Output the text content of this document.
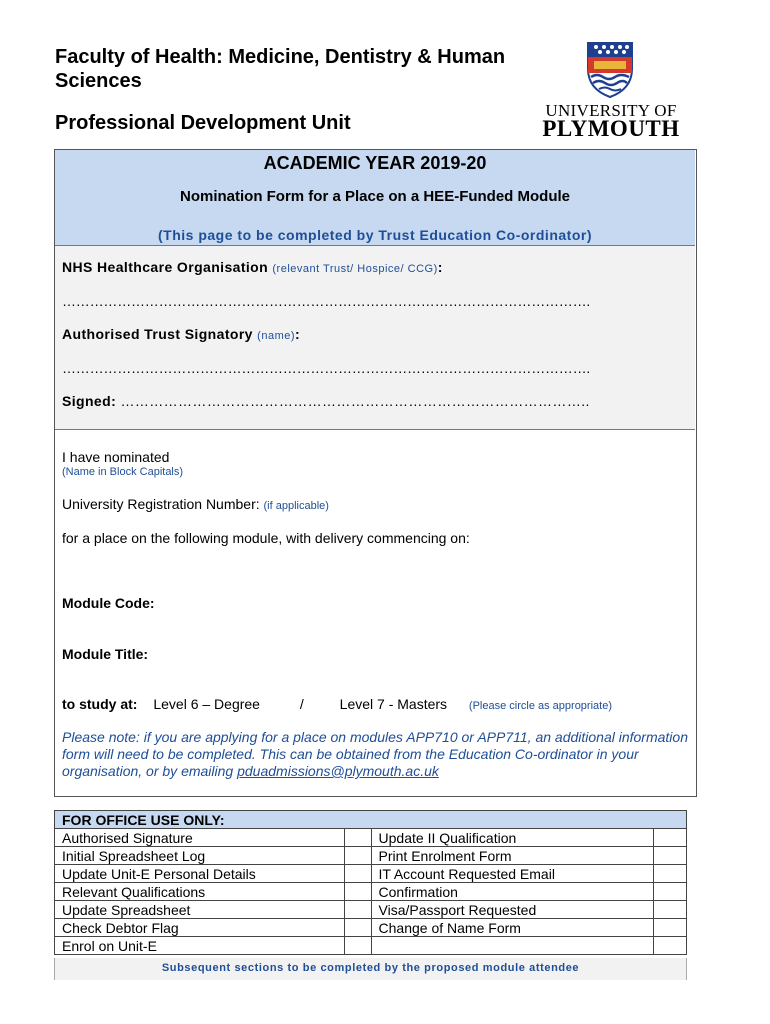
Faculty of Health: Medicine, Dentistry & Human Sciences
Professional Development Unit
UNIVERSITY OF
PLYMOUTH
ACADEMIC YEAR 2019-20
Nomination Form for a Place on a HEE-Funded Module
(This page to be completed by Trust Education Co-ordinator)
NHS Healthcare Organisation (relevant Trust/ Hospice/ CCG):
…………………………………………………………………………………………………….
Authorised Trust Signatory (name):
…………………………………………………………………………………………………….
Signed: ……………………………………………………………………………………..
I have nominated
(Name in Block Capitals)
University Registration Number: (if applicable)
for a place on the following module, with delivery commencing on:
Module Code:
Module Title:
to study at: Level 6 – Degree	/	Level 7 - Masters (Please circle as appropriate)
Please note: if you are applying for a place on modules APP710 or APP711, an additional information form will need to be completed. This can be obtained from the Education Co-ordinator in your organisation, or by emailing pduadmissions@plymouth.ac.uk
FOR OFFICE USE ONLY:			
Authorised Signature		Update II Qualification	
Initial Spreadsheet Log		Print Enrolment Form	
Update Unit-E Personal Details		IT Account Requested Email	
Relevant Qualifications		Confirmation	
Update Spreadsheet		Visa/Passport Requested	
Check Debtor Flag		Change of Name Form	
Enrol on Unit-E			
Subsequent sections to be completed by the proposed module attendee
